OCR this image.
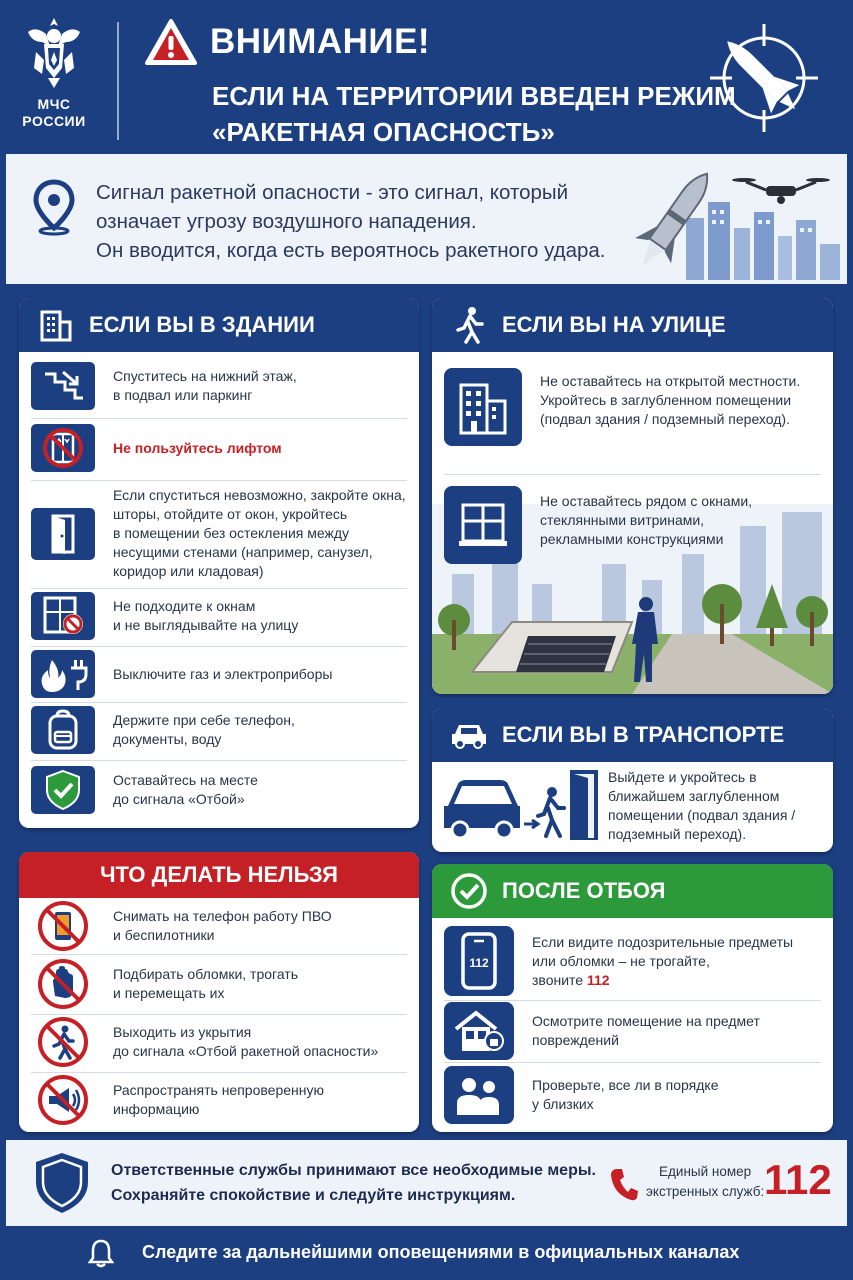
МЧС
РОССИИ
ВНИМАНИЕ!
ЕСЛИ НА ТЕРРИТОРИИ ВВЕДЕН РЕЖИМ
«РАКЕТНАЯ ОПАСНОСТЬ»
Сигнал ракетной опасности - это сигнал, который
означает угрозу воздушного нападения.
Он вводится, когда есть вероятнось ракетного удара.
ЕСЛИ ВЫ В ЗДАНИИ
Спуститесь на нижний этаж,
в подвал или паркинг
Не пользуйтесь лифтом
Если спуститься невозможно, закройте окна,
шторы, отойдите от окон, укройтесь
в помещении без остекления между
несущими стенами (например, санузел,
коридор или кладовая)
Не подходите к окнам
и не выглядывайте на улицу
Выключите газ и электроприборы
Держите при себе телефон,
документы, воду
Оставайтесь на месте
до сигнала «Отбой»
ЕСЛИ ВЫ НА УЛИЦЕ
Не оставайтесь на открытой местности.
Укройтесь в заглубленном помещении
(подвал здания / подземный переход).
Не оставайтесь рядом с окнами,
стеклянными витринами,
рекламными конструкциями
ЕСЛИ ВЫ В ТРАНСПОРТЕ
Выйдете и укройтесь в
ближайшем заглубленном
помещении (подвал здания /
подземный переход).
ЧТО ДЕЛАТЬ НЕЛЬЗЯ
Снимать на телефон работу ПВО
и беспилотники
Подбирать обломки, трогать
и перемещать их
Выходить из укрытия
до сигнала «Отбой ракетной опасности»
Распространять непроверенную
информацию
ПОСЛЕ ОТБОЯ
112
Если видите подозрительные предметы
или обломки – не трогайте,
звоните 112
Осмотрите помещение на предмет
повреждений
Проверьте, все ли в порядке
у близких
Ответственные службы принимают все необходимые меры.
Сохраняйте спокойствие и следуйте инструкциям.
Единый номер
экстренных служб: 112
Следите за дальнейшими оповещениями в официальных каналах
